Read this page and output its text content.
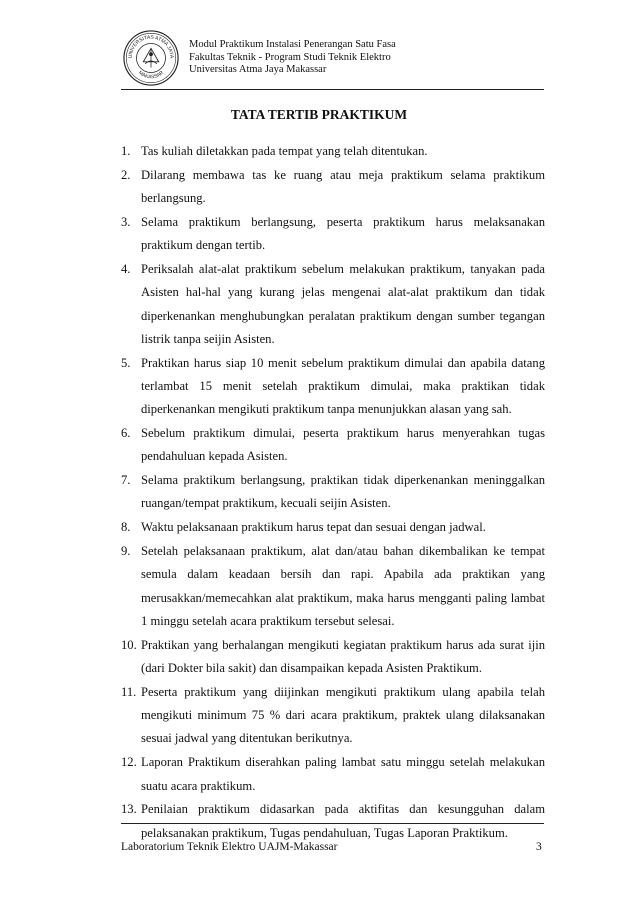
UNIVERSITAS ATMA JAYA
MAKASSAR
Modul Praktikum Instalasi Penerangan Satu Fasa
Fakultas Teknik - Program Studi Teknik Elektro
Universitas Atma Jaya Makassar
TATA TERTIB PRAKTIKUM
1. Tas kuliah diletakkan pada tempat yang telah ditentukan.
2. Dilarang membawa tas ke ruang atau meja praktikum selama praktikum berlangsung.
3. Selama praktikum berlangsung, peserta praktikum harus melaksanakan praktikum dengan tertib.
4. Periksalah alat-alat praktikum sebelum melakukan praktikum, tanyakan pada Asisten hal-hal yang kurang jelas mengenai alat-alat praktikum dan tidak diperkenankan menghubungkan peralatan praktikum dengan sumber tegangan listrik tanpa seijin Asisten.
5. Praktikan harus siap 10 menit sebelum praktikum dimulai dan apabila datang terlambat 15 menit setelah praktikum dimulai, maka praktikan tidak diperkenankan mengikuti praktikum tanpa menunjukkan alasan yang sah.
6. Sebelum praktikum dimulai, peserta praktikum harus menyerahkan tugas pendahuluan kepada Asisten.
7. Selama praktikum berlangsung, praktikan tidak diperkenankan meninggalkan ruangan/tempat praktikum, kecuali seijin Asisten.
8. Waktu pelaksanaan praktikum harus tepat dan sesuai dengan jadwal.
9. Setelah pelaksanaan praktikum, alat dan/atau bahan dikembalikan ke tempat semula dalam keadaan bersih dan rapi. Apabila ada praktikan yang merusakkan/memecahkan alat praktikum, maka harus mengganti paling lambat 1 minggu setelah acara praktikum tersebut selesai.
10. Praktikan yang berhalangan mengikuti kegiatan praktikum harus ada surat ijin (dari Dokter bila sakit) dan disampaikan kepada Asisten Praktikum.
11. Peserta praktikum yang diijinkan mengikuti praktikum ulang apabila telah mengikuti minimum 75 % dari acara praktikum, praktek ulang dilaksanakan sesuai jadwal yang ditentukan berikutnya.
12. Laporan Praktikum diserahkan paling lambat satu minggu setelah melakukan suatu acara praktikum.
13. Penilaian praktikum didasarkan pada aktifitas dan kesungguhan dalam pelaksanakan praktikum, Tugas pendahuluan, Tugas Laporan Praktikum.
Laboratorium Teknik Elektro UAJM-Makassar	3
